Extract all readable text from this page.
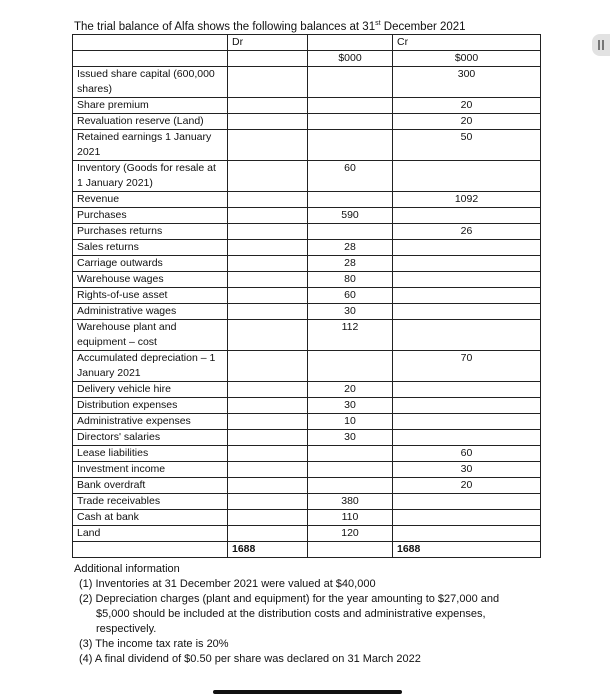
The trial balance of Alfa shows the following balances at 31st December 2021
	Dr		Cr
		$000	$000
Issued share capital (600,000 shares)			300
Share premium			20
Revaluation reserve (Land)			20
Retained earnings 1 January 2021			50
Inventory (Goods for resale at 1 January 2021)		60	
Revenue			1092
Purchases		590	
Purchases returns			26
Sales returns		28	
Carriage outwards		28	
Warehouse wages		80	
Rights-of-use asset		60	
Administrative wages		30	
Warehouse plant and equipment – cost		112	
Accumulated depreciation – 1 January 2021			70
Delivery vehicle hire		20	
Distribution expenses		30	
Administrative expenses		10	
Directors' salaries		30	
Lease liabilities			60
Investment income			30
Bank overdraft			20
Trade receivables		380	
Cash at bank		110	
Land		120	
	1688		1688
Additional information
(1) Inventories at 31 December 2021 were valued at $40,000
(2) Depreciation charges (plant and equipment) for the year amounting to $27,000 and $5,000 should be included at the distribution costs and administrative expenses, respectively.
(3) The income tax rate is 20%
(4) A final dividend of $0.50 per share was declared on 31 March 2022
